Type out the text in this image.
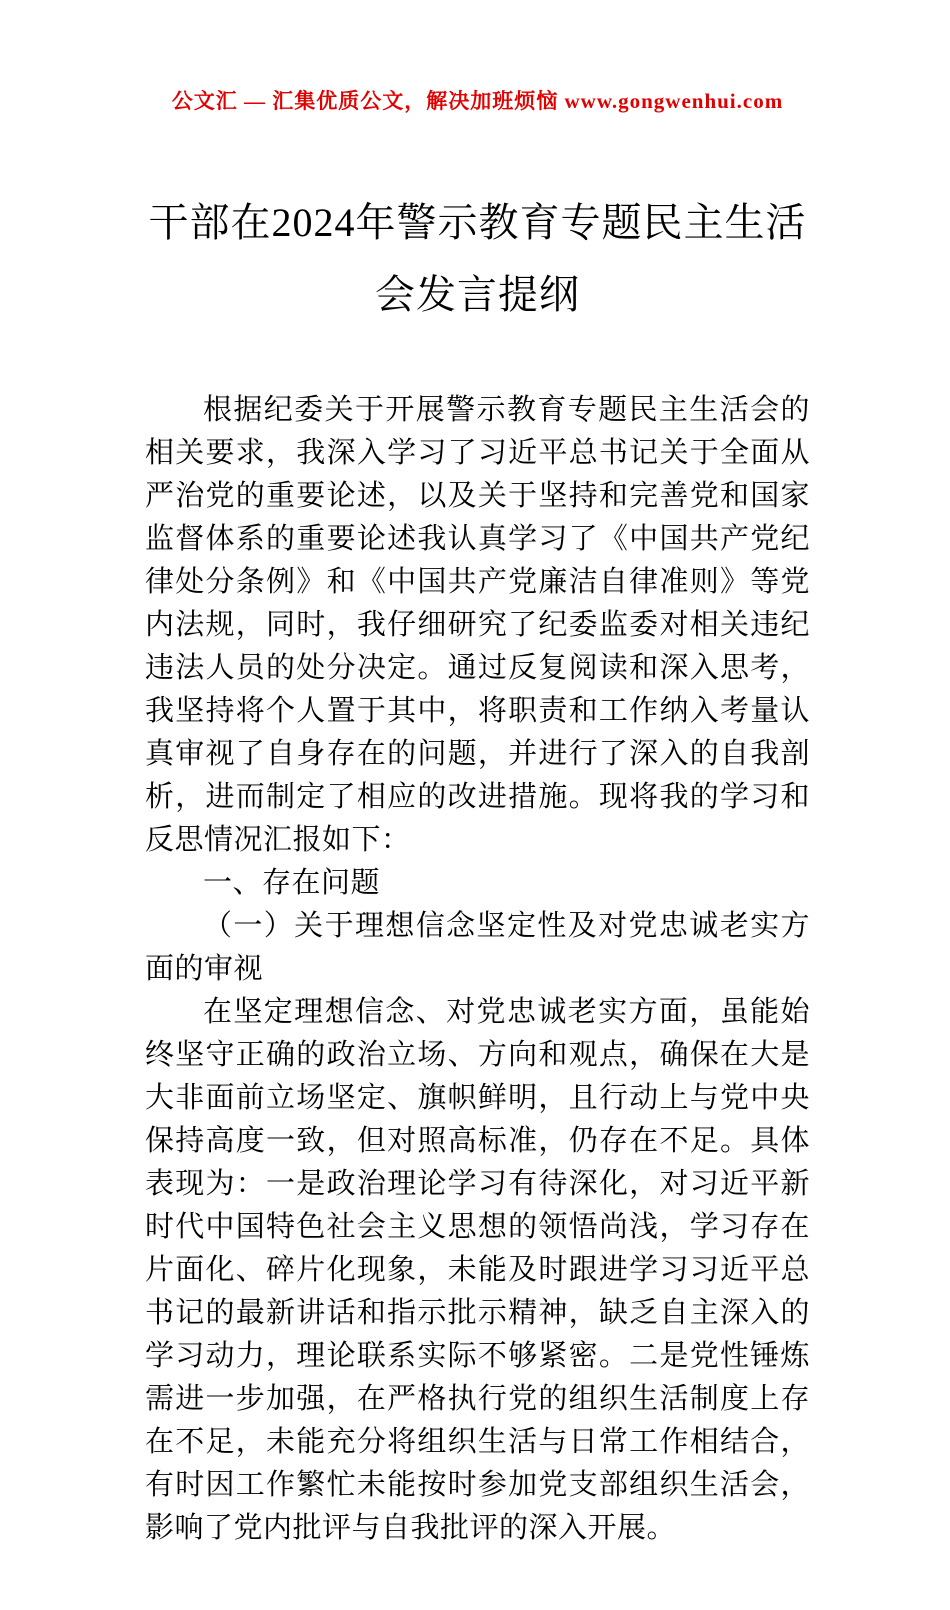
公文汇 — 汇集优质公文，解决加班烦恼 www.gongwenhui.com
干部在2024年警示教育专题民主生活会发言提纲

根据纪委关于开展警示教育专题民主生活会的相关要求，我深入学习了习近平总书记关于全面从严治党的重要论述，以及关于坚持和完善党和国家监督体系的重要论述我认真学习了《中国共产党纪律处分条例》和《中国共产党廉洁自律准则》等党内法规，同时，我仔细研究了纪委监委对相关违纪违法人员的处分决定。通过反复阅读和深入思考，我坚持将个人置于其中，将职责和工作纳入考量认真审视了自身存在的问题，并进行了深入的自我剖析，进而制定了相应的改进措施。现将我的学习和反思情况汇报如下：

一、存在问题

（一）关于理想信念坚定性及对党忠诚老实方面的审视

在坚定理想信念、对党忠诚老实方面，虽能始终坚守正确的政治立场、方向和观点，确保在大是大非面前立场坚定、旗帜鲜明，且行动上与党中央保持高度一致，但对照高标准，仍存在不足。具体表现为：一是政治理论学习有待深化，对习近平新时代中国特色社会主义思想的领悟尚浅，学习存在片面化、碎片化现象，未能及时跟进学习习近平总书记的最新讲话和指示批示精神，缺乏自主深入的学习动力，理论联系实际不够紧密。二是党性锤炼需进一步加强，在严格执行党的组织生活制度上存在不足，未能充分将组织生活与日常工作相结合，有时因工作繁忙未能按时参加党支部组织生活会，影响了党内批评与自我批评的深入开展。
